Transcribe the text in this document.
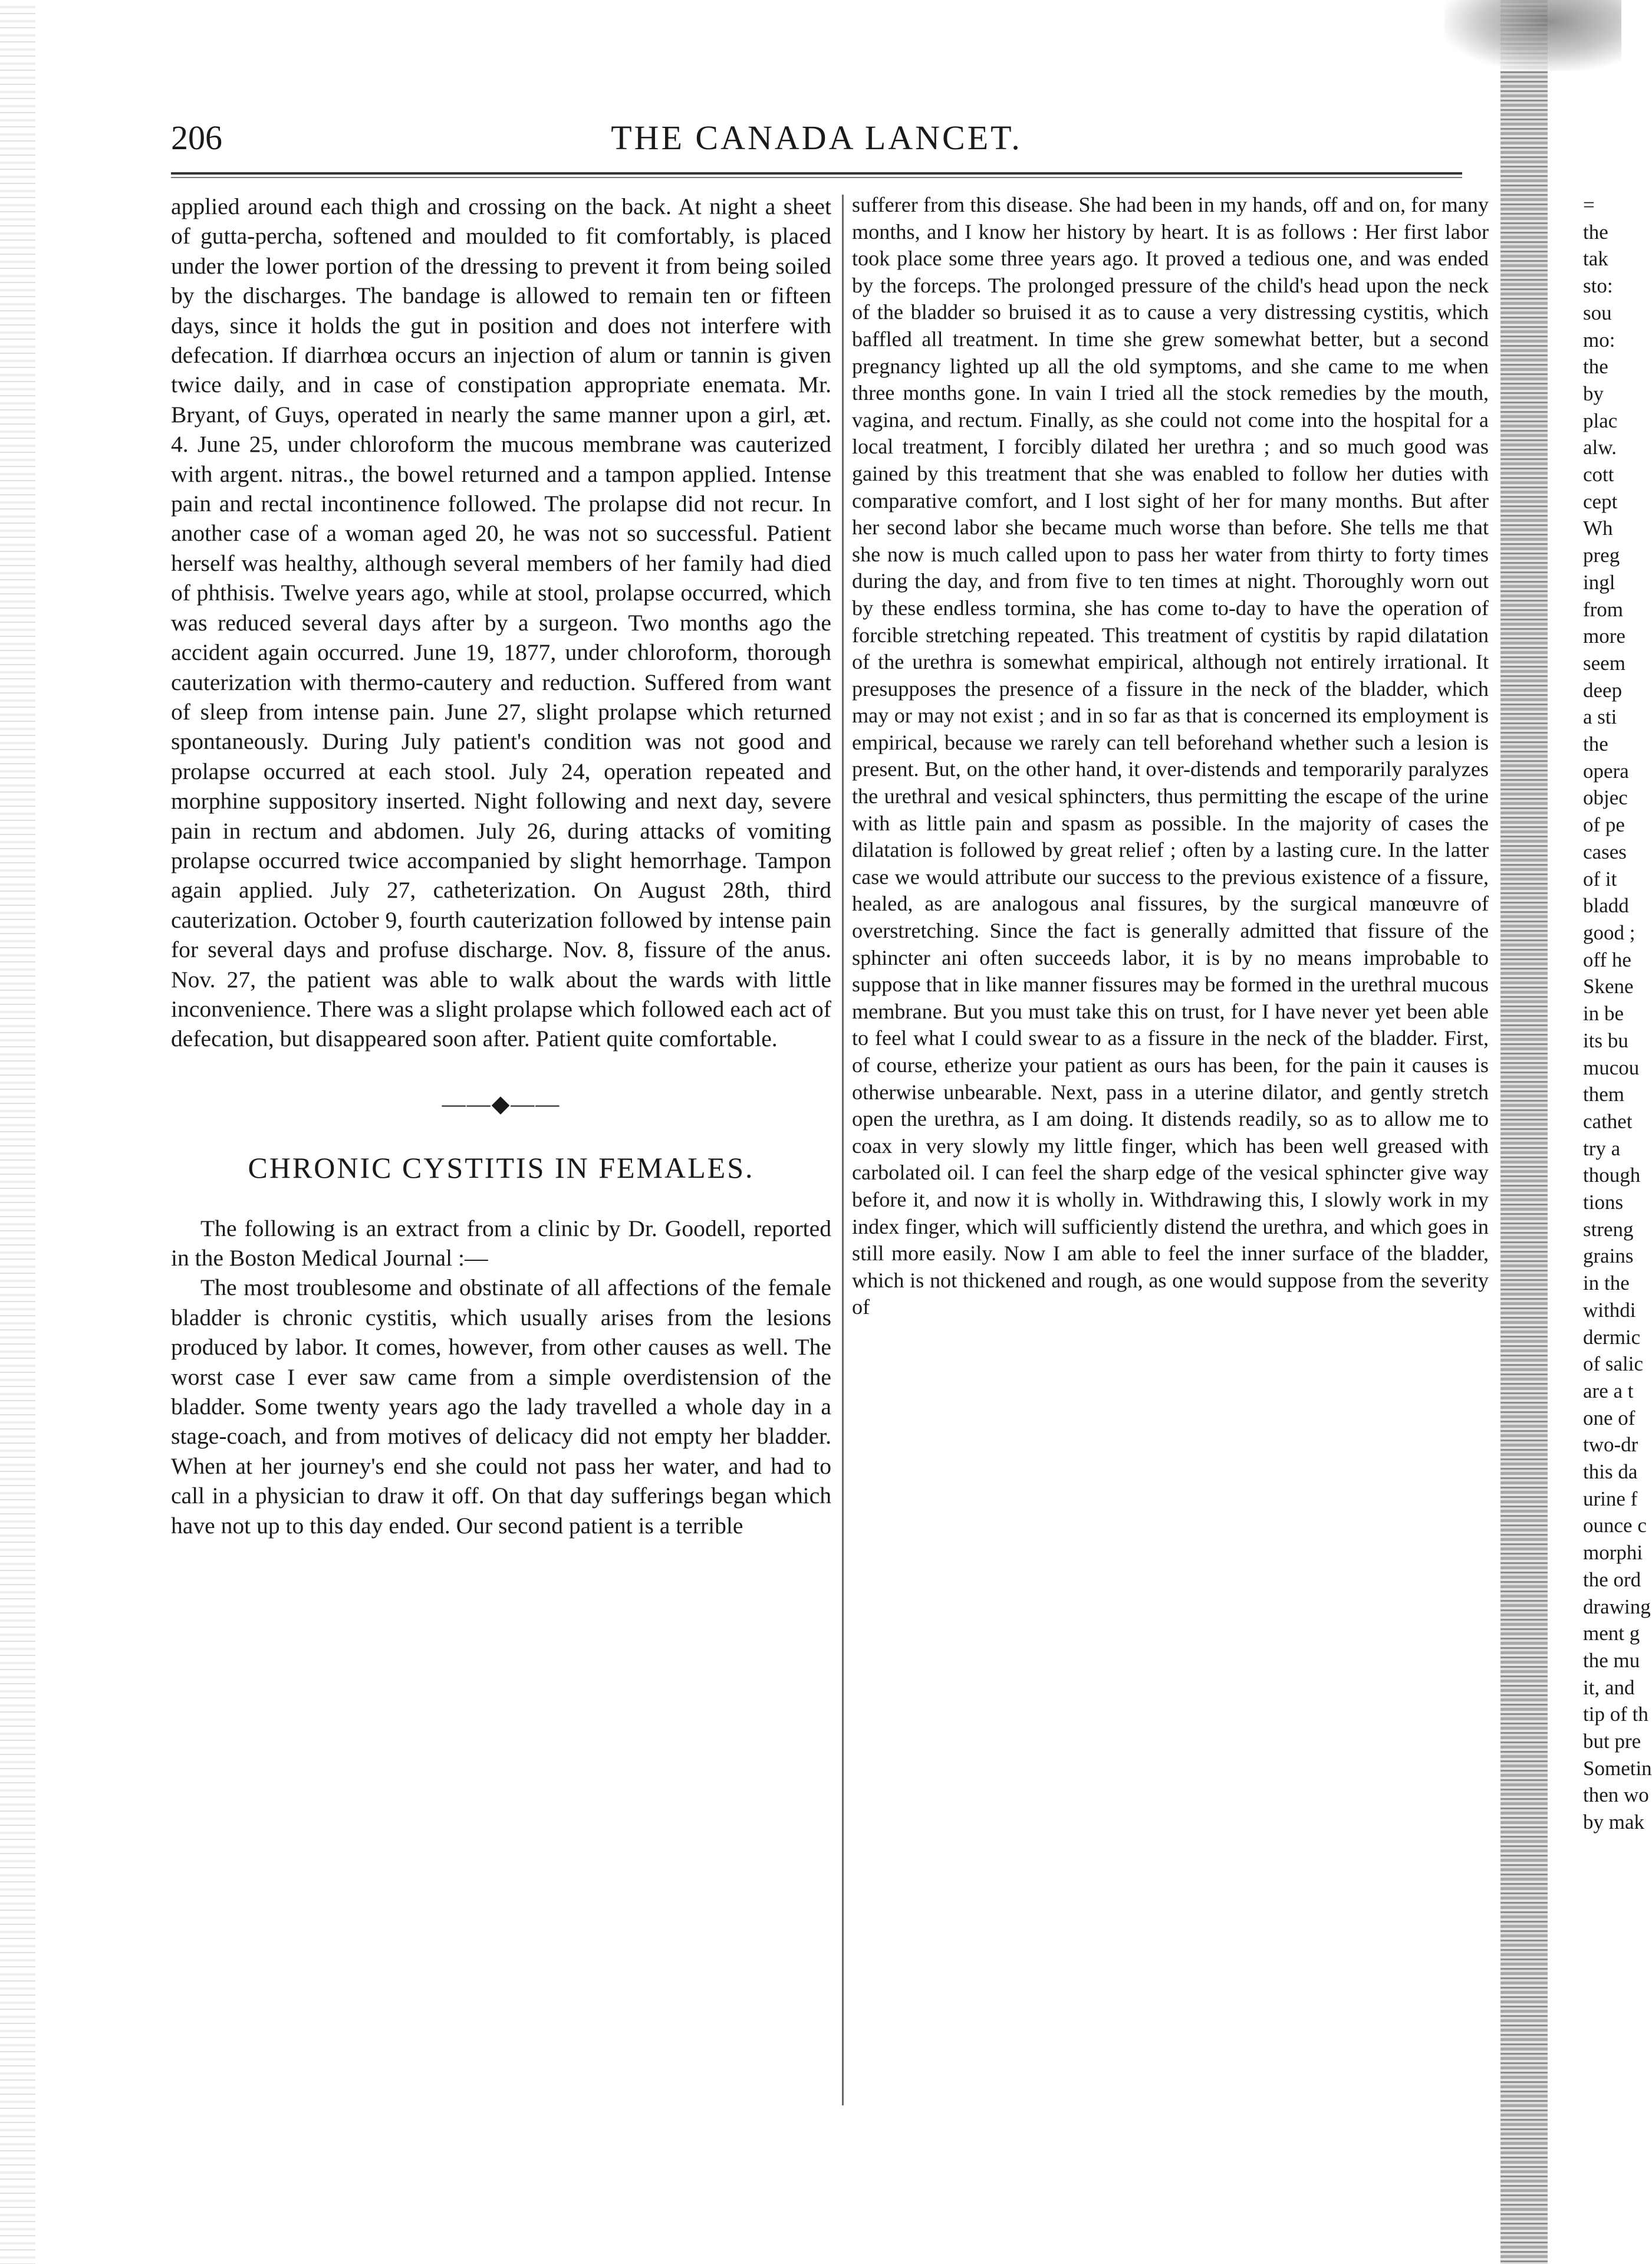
206	THE CANADA LANCET.

applied around each thigh and crossing on the back. At night a sheet of gutta-percha, softened and moulded to fit comfortably, is placed under the lower portion of the dressing to prevent it from being soiled by the discharges. The bandage is allowed to remain ten or fifteen days, since it holds the gut in position and does not interfere with defecation. If diarrhœa occurs an injection of alum or tannin is given twice daily, and in case of constipation appropriate enemata. Mr. Bryant, of Guys, operated in nearly the same manner upon a girl, æt. 4. June 25, under chloroform the mucous membrane was cauterized with argent. nitras., the bowel returned and a tampon applied. Intense pain and rectal incontinence followed. The prolapse did not recur. In another case of a woman aged 20, he was not so successful. Patient herself was healthy, although several members of her family had died of phthisis. Twelve years ago, while at stool, prolapse occurred, which was reduced several days after by a surgeon. Two months ago the accident again occurred. June 19, 1877, under chloroform, thorough cauterization with thermo-cautery and reduction. Suffered from want of sleep from intense pain. June 27, slight prolapse which returned spontaneously. During July patient's condition was not good and prolapse occurred at each stool. July 24, operation repeated and morphine suppository inserted. Night following and next day, severe pain in rectum and abdomen. July 26, during attacks of vomiting prolapse occurred twice accompanied by slight hemorrhage. Tampon again applied. July 27, catheterization. On August 28th, third cauterization. October 9, fourth cauterization followed by intense pain for several days and profuse discharge. Nov. 8, fissure of the anus. Nov. 27, the patient was able to walk about the wards with little inconvenience. There was a slight prolapse which followed each act of defecation, but disappeared soon after. Patient quite comfortable.

——◆——
CHRONIC CYSTITIS IN FEMALES.

The following is an extract from a clinic by Dr. Goodell, reported in the Boston Medical Journal :—

The most troublesome and obstinate of all affections of the female bladder is chronic cystitis, which usually arises from the lesions produced by labor. It comes, however, from other causes as well. The worst case I ever saw came from a simple overdistension of the bladder. Some twenty years ago the lady travelled a whole day in a stage-coach, and from motives of delicacy did not empty her bladder. When at her journey's end she could not pass her water, and had to call in a physician to draw it off. On that day sufferings began which have not up to this day ended. Our second patient is a terrible

sufferer from this disease. She had been in my hands, off and on, for many months, and I know her history by heart. It is as follows : Her first labor took place some three years ago. It proved a tedious one, and was ended by the forceps. The prolonged pressure of the child's head upon the neck of the bladder so bruised it as to cause a very distressing cystitis, which baffled all treatment. In time she grew somewhat better, but a second pregnancy lighted up all the old symptoms, and she came to me when three months gone. In vain I tried all the stock remedies by the mouth, vagina, and rectum. Finally, as she could not come into the hospital for a local treatment, I forcibly dilated her urethra ; and so much good was gained by this treatment that she was enabled to follow her duties with comparative comfort, and I lost sight of her for many months. But after her second labor she became much worse than before. She tells me that she now is much called upon to pass her water from thirty to forty times during the day, and from five to ten times at night. Thoroughly worn out by these endless tormina, she has come to-day to have the operation of forcible stretching repeated. This treatment of cystitis by rapid dilatation of the urethra is somewhat empirical, although not entirely irrational. It presupposes the presence of a fissure in the neck of the bladder, which may or may not exist ; and in so far as that is concerned its employment is empirical, because we rarely can tell beforehand whether such a lesion is present. But, on the other hand, it over-distends and temporarily paralyzes the urethral and vesical sphincters, thus permitting the escape of the urine with as little pain and spasm as possible. In the majority of cases the dilatation is followed by great relief ; often by a lasting cure. In the latter case we would attribute our success to the previous existence of a fissure, healed, as are analogous anal fissures, by the surgical manœuvre of overstretching. Since the fact is generally admitted that fissure of the sphincter ani often succeeds labor, it is by no means improbable to suppose that in like manner fissures may be formed in the urethral mucous membrane. But you must take this on trust, for I have never yet been able to feel what I could swear to as a fissure in the neck of the bladder. First, of course, etherize your patient as ours has been, for the pain it causes is otherwise unbearable. Next, pass in a uterine dilator, and gently stretch open the urethra, as I am doing. It distends readily, so as to allow me to coax in very slowly my little finger, which has been well greased with carbolated oil. I can feel the sharp edge of the vesical sphincter give way before it, and now it is wholly in. Withdrawing this, I slowly work in my index finger, which will sufficiently distend the urethra, and which goes in still more easily. Now I am able to feel the inner surface of the bladder, which is not thickened and rough, as one would suppose from the severity of

=
the
tak
sto:
sou
mo:
the
by
plac
alw.
cott
cept
Wh
preg
ingl
from
more
seem
deep
a sti
the
opera
objec
of pe
cases
of it
bladd
good ;
off he
Skene
in be
its bu
mucou
them
cathet
try a
though
tions
streng
grains
in the
withdi
dermic
of salic
are a t
one of
two-dr
this da
urine f
ounce c
morphi
the ord
drawing
ment g
the mu
it, and
tip of th
but pre
Sometin
then wo
by mak
